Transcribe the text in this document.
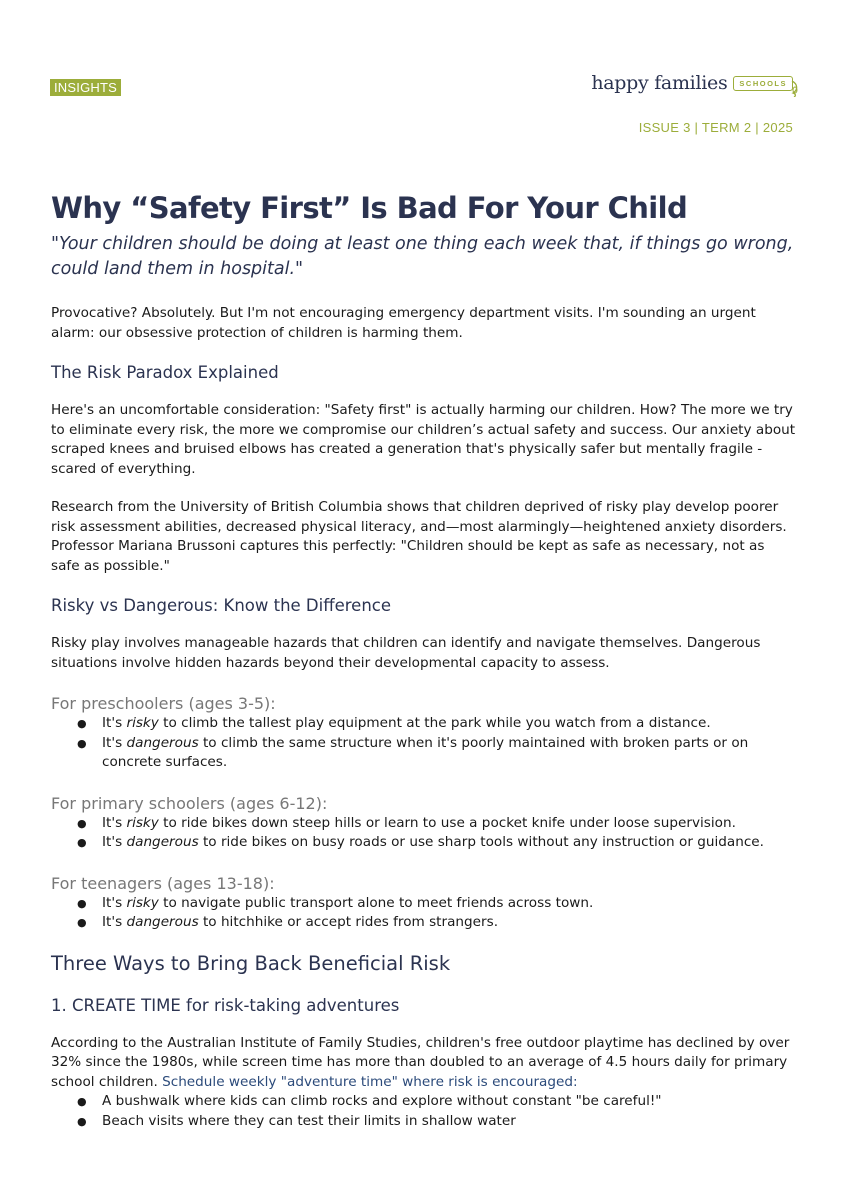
INSIGHTS	happy families	SCHOOLS
ISSUE 3 | TERM 2 | 2025
Why “Safety First” Is Bad For Your Child
"Your children should be doing at least one thing each week that, if things go wrong, could land them in hospital."

Provocative? Absolutely. But I'm not encouraging emergency department visits. I'm sounding an urgent alarm: our obsessive protection of children is harming them.

The Risk Paradox Explained

Here's an uncomfortable consideration: "Safety first" is actually harming our children. How? The more we try to eliminate every risk, the more we compromise our children’s actual safety and success. Our anxiety about scraped knees and bruised elbows has created a generation that's physically safer but mentally fragile - scared of everything.

Research from the University of British Columbia shows that children deprived of risky play develop poorer risk assessment abilities, decreased physical literacy, and—most alarmingly—heightened anxiety disorders. Professor Mariana Brussoni captures this perfectly: "Children should be kept as safe as necessary, not as safe as possible."

Risky vs Dangerous: Know the Difference

Risky play involves manageable hazards that children can identify and navigate themselves. Dangerous situations involve hidden hazards beyond their developmental capacity to assess.

For preschoolers (ages 3-5):
● It's risky to climb the tallest play equipment at the park while you watch from a distance.
● It's dangerous to climb the same structure when it's poorly maintained with broken parts or on concrete surfaces.
For primary schoolers (ages 6-12):
● It's risky to ride bikes down steep hills or learn to use a pocket knife under loose supervision.
● It's dangerous to ride bikes on busy roads or use sharp tools without any instruction or guidance.
For teenagers (ages 13-18):
● It's risky to navigate public transport alone to meet friends across town.
● It's dangerous to hitchhike or accept rides from strangers.
Three Ways to Bring Back Beneficial Risk
1. CREATE TIME for risk-taking adventures

According to the Australian Institute of Family Studies, children's free outdoor playtime has declined by over 32% since the 1980s, while screen time has more than doubled to an average of 4.5 hours daily for primary school children. Schedule weekly "adventure time" where risk is encouraged:

● A bushwalk where kids can climb rocks and explore without constant "be careful!"
● Beach visits where they can test their limits in shallow water
